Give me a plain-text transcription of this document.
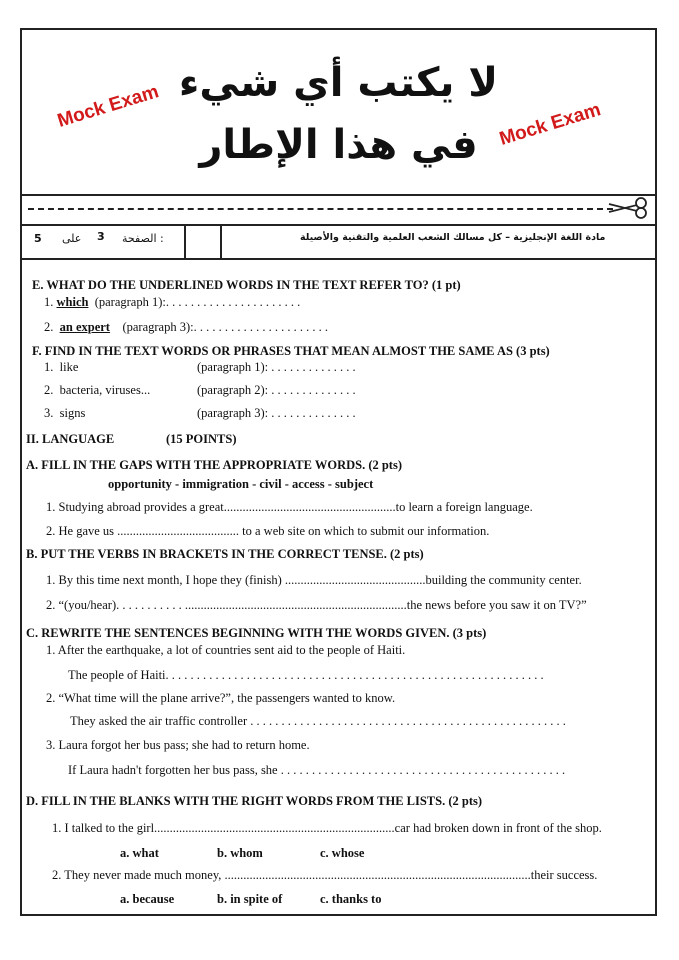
لا يكتب أي شيء
في هذا الإطار
Mock Exam	Mock Exam
5 على 3 الصفحة :	مادة اللغة الإنجليزية – كل مسالك الشعب العلمية والتقنية والأصيلة
E. WHAT DO THE UNDERLINED WORDS IN THE TEXT REFER TO? (1 pt)
1. which (paragraph 1):. . . . . . . . . . . . . . . . . . . . . .
2. an expert (paragraph 3):. . . . . . . . . . . . . . . . . . . . . .
F. FIND IN THE TEXT WORDS OR PHRASES THAT MEAN ALMOST THE SAME AS (3 pts)
1. like	(paragraph 1): . . . . . . . . . . . . . .
2. bacteria, viruses...	(paragraph 2): . . . . . . . . . . . . . .
3. signs	(paragraph 3): . . . . . . . . . . . . . .
II. LANGUAGE	(15 POINTS)
A. FILL IN THE GAPS WITH THE APPROPRIATE WORDS. (2 pts)
opportunity - immigration - civil - access - subject
1. Studying abroad provides a great.......................................................to learn a foreign language.
2. He gave us ....................................... to a web site on which to submit our information.
B. PUT THE VERBS IN BRACKETS IN THE CORRECT TENSE. (2 pts)
1. By this time next month, I hope they (finish) .............................................building the community center.
2. “(you/hear). . . . . . . . . . . .......................................................................the news before you saw it on TV?”
C. REWRITE THE SENTENCES BEGINNING WITH THE WORDS GIVEN. (3 pts)
1. After the earthquake, a lot of countries sent aid to the people of Haiti.
The people of Haiti. . . . . . . . . . . . . . . . . . . . . . . . . . . . . . . . . . . . . . . . . . . . . . . . . . . . . . . . . . . . .
2. “What time will the plane arrive?”, the passengers wanted to know.
They asked the air traffic controller . . . . . . . . . . . . . . . . . . . . . . . . . . . . . . . . . . . . . . . . . . . . . . . . . . .
3. Laura forgot her bus pass; she had to return home.
If Laura hadn't forgotten her bus pass, she . . . . . . . . . . . . . . . . . . . . . . . . . . . . . . . . . . . . . . . . . . . . . .
D. FILL IN THE BLANKS WITH THE RIGHT WORDS FROM THE LISTS. (2 pts)
1. I talked to the girl.............................................................................car had broken down in front of the shop.
a. what	b. whom	c. whose
2. They never made much money, ..................................................................................................their success.
a. because	b. in spite of	c. thanks to
